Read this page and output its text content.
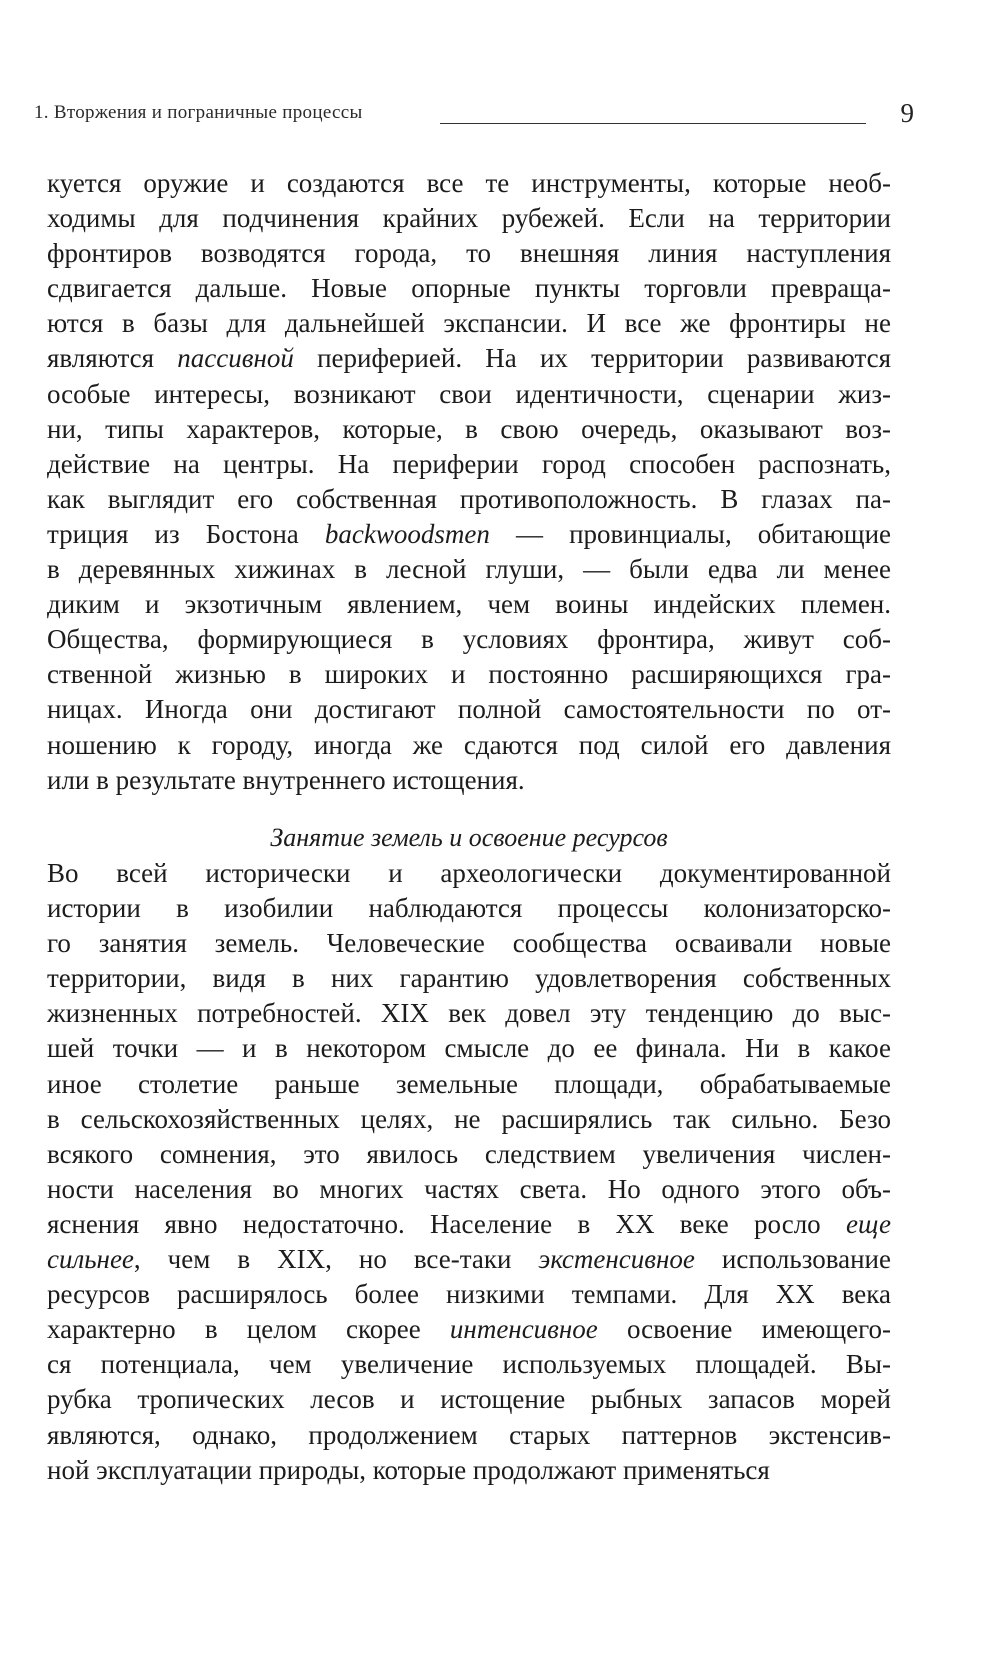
1. Вторжения и пограничные процессы	9
куется оружие и создаются все те инструменты, которые необ-
ходимы для подчинения крайних рубежей. Если на территории
фронтиров возводятся города, то внешняя линия наступления
сдвигается дальше. Новые опорные пункты торговли превраща-
ются в базы для дальнейшей экспансии. И все же фронтиры не
являются пассивной периферией. На их территории развиваются
особые интересы, возникают свои идентичности, сценарии жиз-
ни, типы характеров, которые, в свою очередь, оказывают воз-
действие на центры. На периферии город способен распознать,
как выглядит его собственная противоположность. В глазах па-
триция из Бостона backwoodsmen — провинциалы, обитающие
в деревянных хижинах в лесной глуши, — были едва ли менее
диким и экзотичным явлением, чем воины индейских племен.
Общества, формирующиеся в условиях фронтира, живут соб-
ственной жизнью в широких и постоянно расширяющихся гра-
ницах. Иногда они достигают полной самостоятельности по от-
ношению к городу, иногда же сдаются под силой его давления
или в результате внутреннего истощения.
Занятие земель и освоение ресурсов
Во всей исторически и археологически документированной
истории в изобилии наблюдаются процессы колонизаторско-
го занятия земель. Человеческие сообщества осваивали новые
территории, видя в них гарантию удовлетворения собственных
жизненных потребностей. XIX век довел эту тенденцию до выс-
шей точки — и в некотором смысле до ее финала. Ни в какое
иное столетие раньше земельные площади, обрабатываемые
в сельскохозяйственных целях, не расширялись так сильно. Безо
всякого сомнения, это явилось следствием увеличения числен-
ности населения во многих частях света. Но одного этого объ-
яснения явно недостаточно. Население в XX веке росло еще
сильнее, чем в XIX, но все-таки экстенсивное использование
ресурсов расширялось более низкими темпами. Для XX века
характерно в целом скорее интенсивное освоение имеющего-
ся потенциала, чем увеличение используемых площадей. Вы-
рубка тропических лесов и истощение рыбных запасов морей
являются, однако, продолжением старых паттернов экстенсив-
ной эксплуатации природы, которые продолжают применяться
